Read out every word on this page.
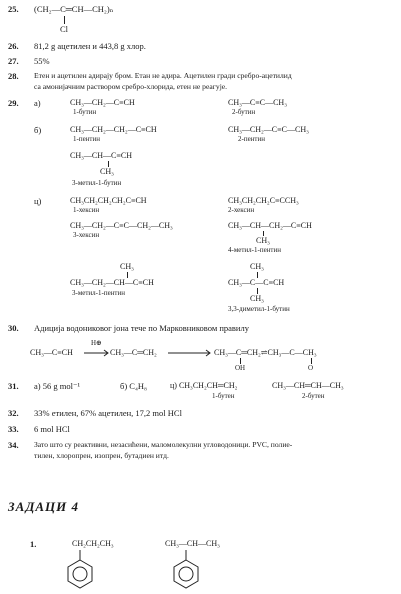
25. (CH₂—C═CH—CH₂)ₙ
Cl
26. 81,2 g ацетилен и 443,8 g хлор.
27. 55%
28. Етен и ацетилен адирају бром. Етан не адира. Ацетилен гради сребро-ацетилид
са амонијачним раствором сребро-хлорида, етен не реагује.
29. а)	CH₃—CH₂—C≡CH
1-бутин
CH₃—C≡C—CH₃
2-бутин
б)	CH₃—CH₂—CH₂—C≡CH
1-пентин
CH₃—CH₂—C≡C—CH₃
2-пентин
CH₃—CH—C≡CH
CH₃
3-метил-1-бутин
ц)	CH₃CH₂CH₂CH₂C≡CH
1-хексин
CH₃CH₂CH₂C≡CCH₃
2-хексин
CH₃—CH₂—C≡C—CH₂—CH₃
3-хексин
CH₃—CH—CH₂—C≡CH
CH₃
4-метил-1-пентин
CH₃
CH₃—CH₂—CH—C≡CH
3-метил-1-пентин
CH₃
CH₃—C—C≡CH
CH₃
3,3-диметил-1-бутин
30. Адиција водониковог јона тече по Марковниковом правилу
CH₃—C≡CH
H⊕
CH₃—C═CH₂	CH₃—C═CH₂⇌CH₃—C—CH₃
OH	O
31. а) 56 g mol⁻¹	б) C₄H₈	ц) CH₃CH₂CH═CH₂
1-бутен
CH₃—CH═CH—CH₃
2-бутен
32. 33% етилен, 67% ацетилен, 17,2 mol HCl
33. 6 mol HCl
34. Зато што су реактивни, незасићени, мaломолекулни угловодоници. PVC, полие-
тилен, хлоропрен, изопрен, бутадиен итд.
ЗАДАЦИ 4
1.	CH₂CH₂CH₃	CH₃—CH—CH₃
